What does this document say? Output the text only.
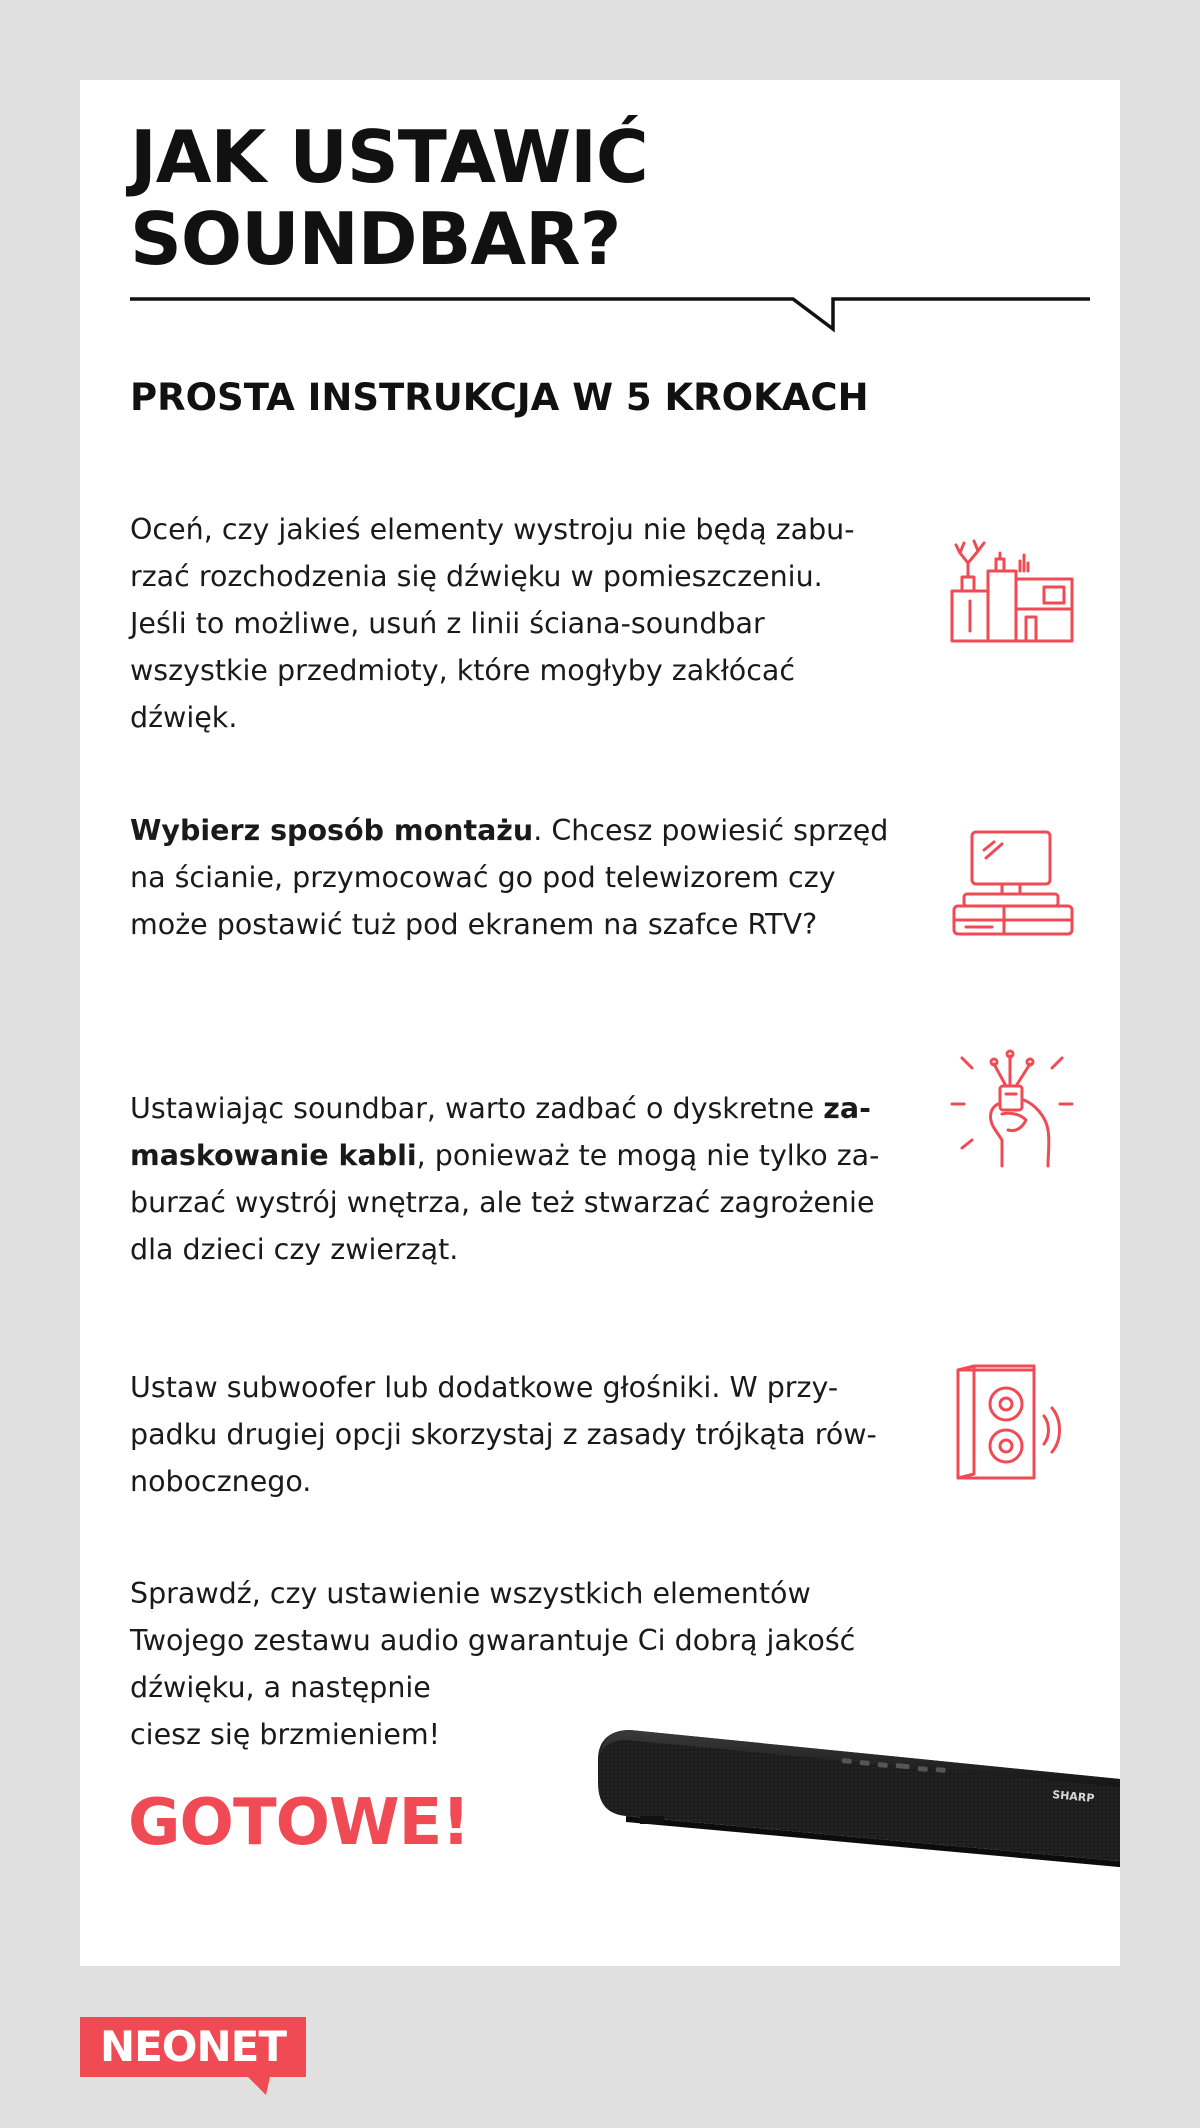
JAK USTAWIĆ
SOUNDBAR?
PROSTA INSTRUKCJA W 5 KROKACH

Oceń, czy jakieś elementy wystroju nie będą zabu-
rzać rozchodzenia się dźwięku w pomieszczeniu.
Jeśli to możliwe, usuń z linii ściana-soundbar
wszystkie przedmioty, które mogłyby zakłócać
dźwięk.

Wybierz sposób montażu. Chcesz powiesić sprzęd
na ścianie, przymocować go pod telewizorem czy
może postawić tuż pod ekranem na szafce RTV?

Ustawiając soundbar, warto zadbać o dyskretne za-
maskowanie kabli, ponieważ te mogą nie tylko za-
burzać wystrój wnętrza, ale też stwarzać zagrożenie
dla dzieci czy zwierząt.

Ustaw subwoofer lub dodatkowe głośniki. W przy-
padku drugiej opcji skorzystaj z zasady trójkąta rów-
nobocznego.

Sprawdź, czy ustawienie wszystkich elementów
Twojego zestawu audio gwarantuje Ci dobrą jakość
dźwięku, a następnie
ciesz się brzmieniem!

GOTOWE!	SHARP
NEONET
